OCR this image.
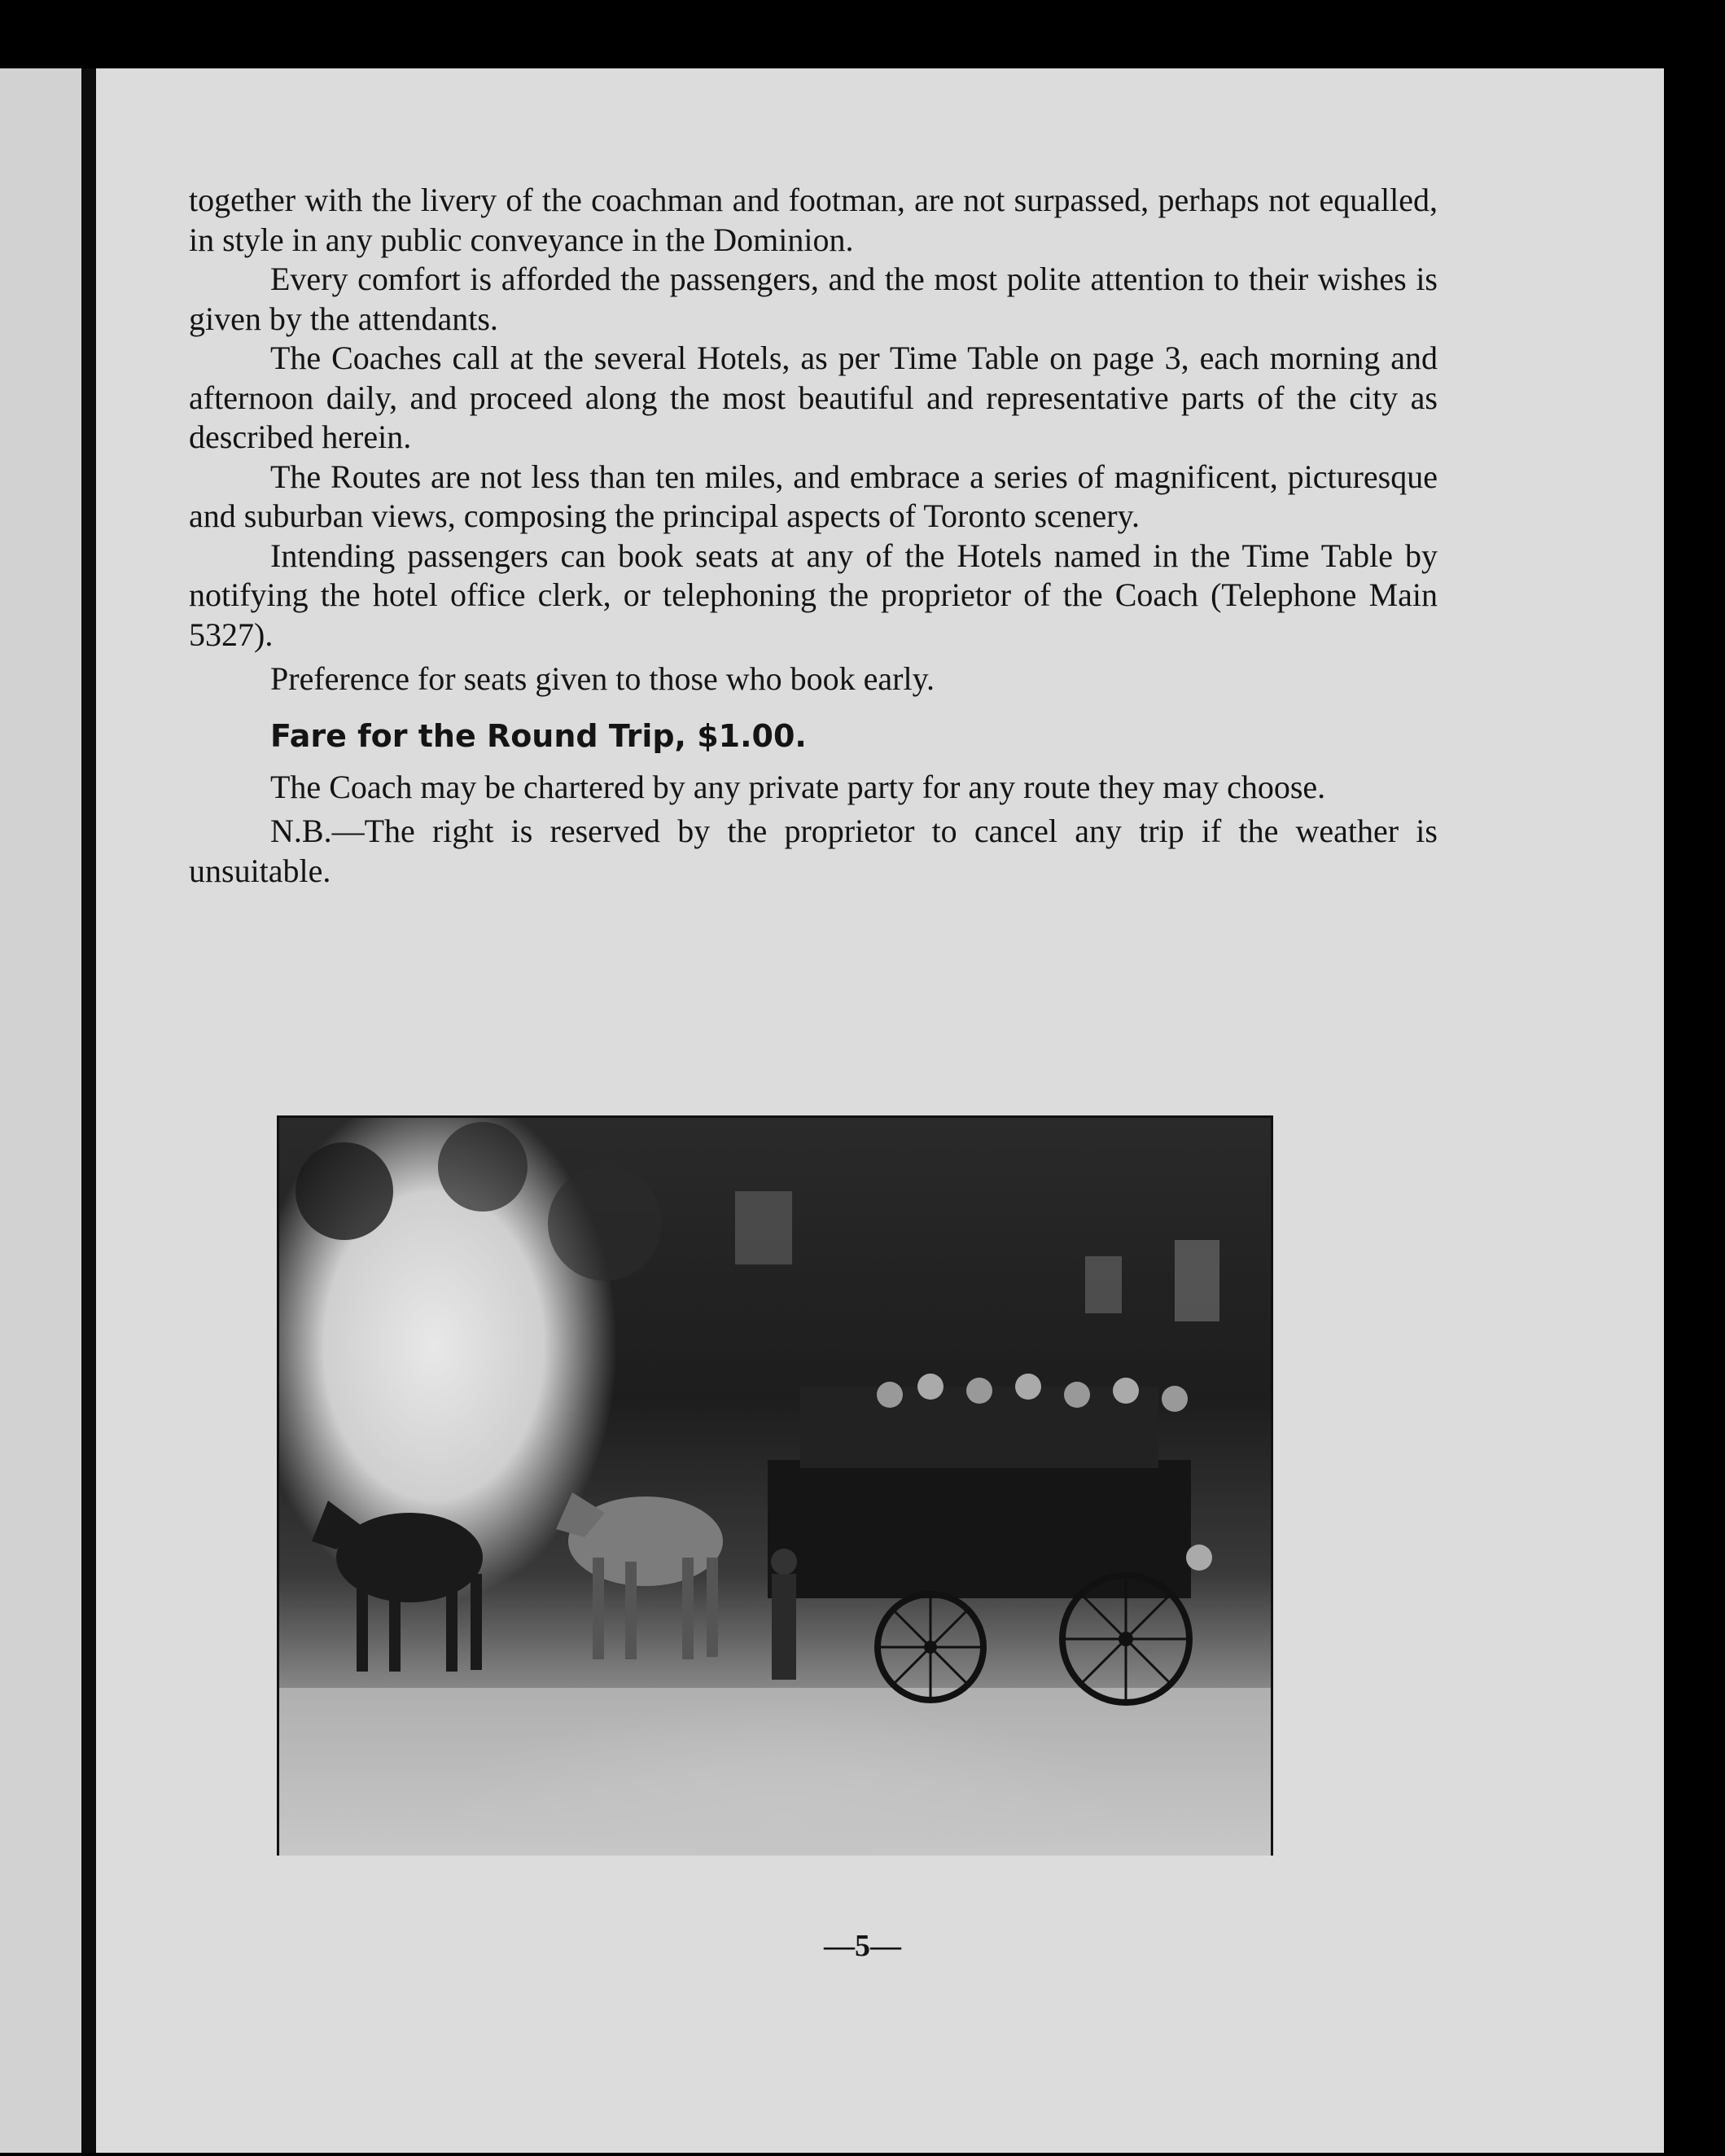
together with the livery of the coachman and footman, are not surpassed, perhaps not equalled, in style in any public conveyance in the Dominion.

Every comfort is afforded the passengers, and the most polite attention to their wishes is given by the attendants.

The Coaches call at the several Hotels, as per Time Table on page 3, each morning and afternoon daily, and proceed along the most beautiful and representative parts of the city as described herein.

The Routes are not less than ten miles, and embrace a series of magnificent, picturesque and suburban views, composing the principal aspects of Toronto scenery.

Intending passengers can book seats at any of the Hotels named in the Time Table by notifying the hotel office clerk, or telephoning the proprietor of the Coach (Telephone Main 5327).

Preference for seats given to those who book early.

Fare for the Round Trip, $1.00.

The Coach may be chartered by any private party for any route they may choose.

N.B.—The right is reserved by the proprietor to cancel any trip if the weather is unsuitable.

—5—
